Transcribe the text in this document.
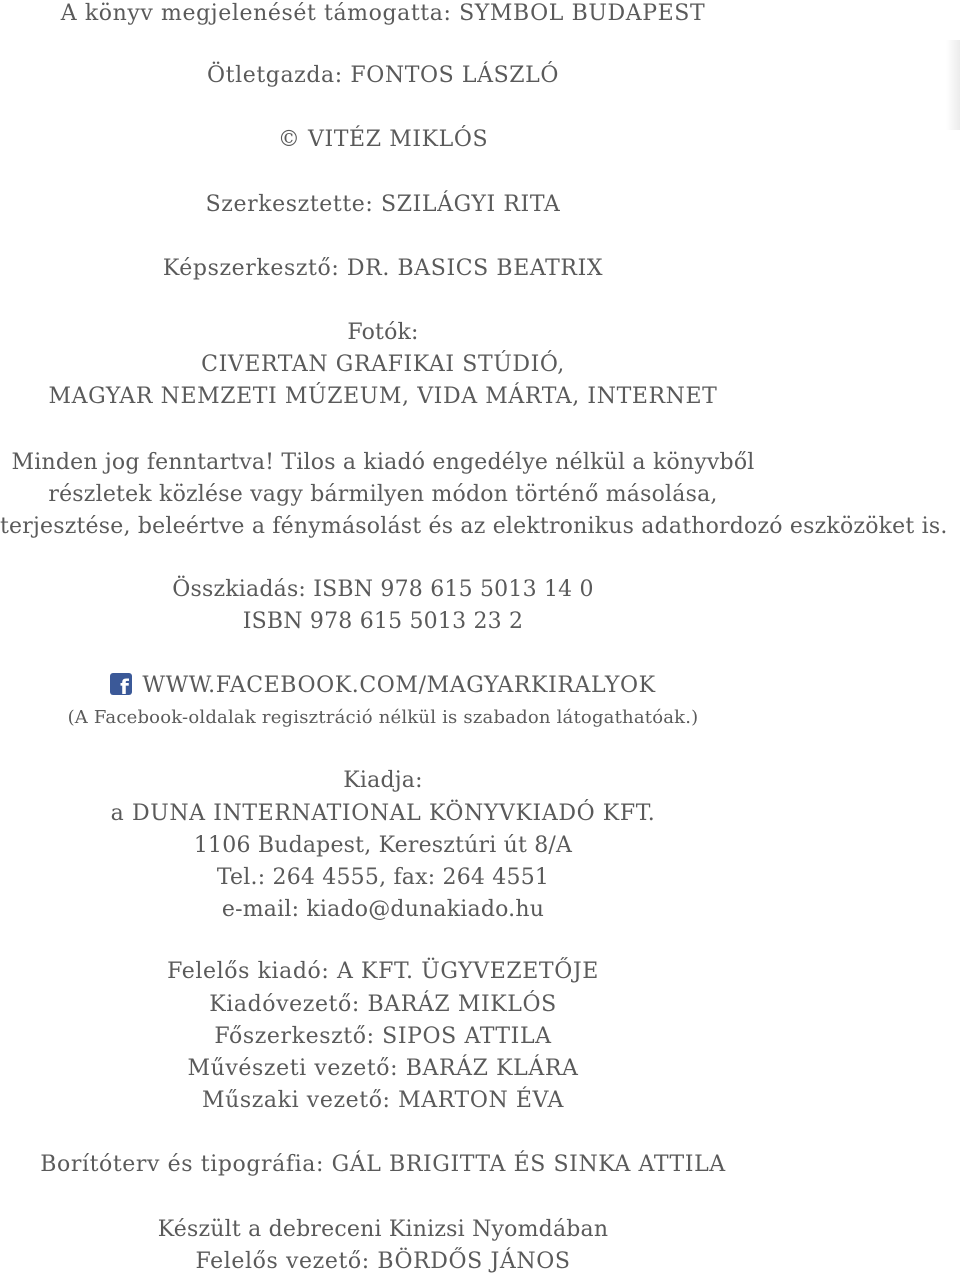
A könyv megjelenését támogatta: SYMBOL BUDAPEST
Ötletgazda: FONTOS LÁSZLÓ
© VITÉZ MIKLÓS
Szerkesztette: SZILÁGYI RITA
Képszerkesztő: DR. BASICS BEATRIX
Fotók:
CIVERTAN GRAFIKAI STÚDIÓ,
MAGYAR NEMZETI MÚZEUM, VIDA MÁRTA, INTERNET
Minden jog fenntartva! Tilos a kiadó engedélye nélkül a könyvből
részletek közlése vagy bármilyen módon történő másolása,
terjesztése, beleértve a fénymásolást és az elektronikus adathordozó eszközöket is.
Összkiadás: ISBN 978 615 5013 14 0
ISBN 978 615 5013 23 2
fWWW.FACEBOOK.COM/MAGYARKIRALYOK
(A Facebook-oldalak regisztráció nélkül is szabadon látogathatóak.)
Kiadja:
a DUNA INTERNATIONAL KÖNYVKIADÓ KFT.
1106 Budapest, Keresztúri út 8/A
Tel.: 264 4555, fax: 264 4551
e-mail: kiado@dunakiado.hu
Felelős kiadó: A KFT. ÜGYVEZETŐJE
Kiadóvezető: BARÁZ MIKLÓS
Főszerkesztő: SIPOS ATTILA
Művészeti vezető: BARÁZ KLÁRA
Műszaki vezető: MARTON ÉVA
Borítóterv és tipográfia: GÁL BRIGITTA ÉS SINKA ATTILA
Készült a debreceni Kinizsi Nyomdában
Felelős vezető: BÖRDŐS JÁNOS
